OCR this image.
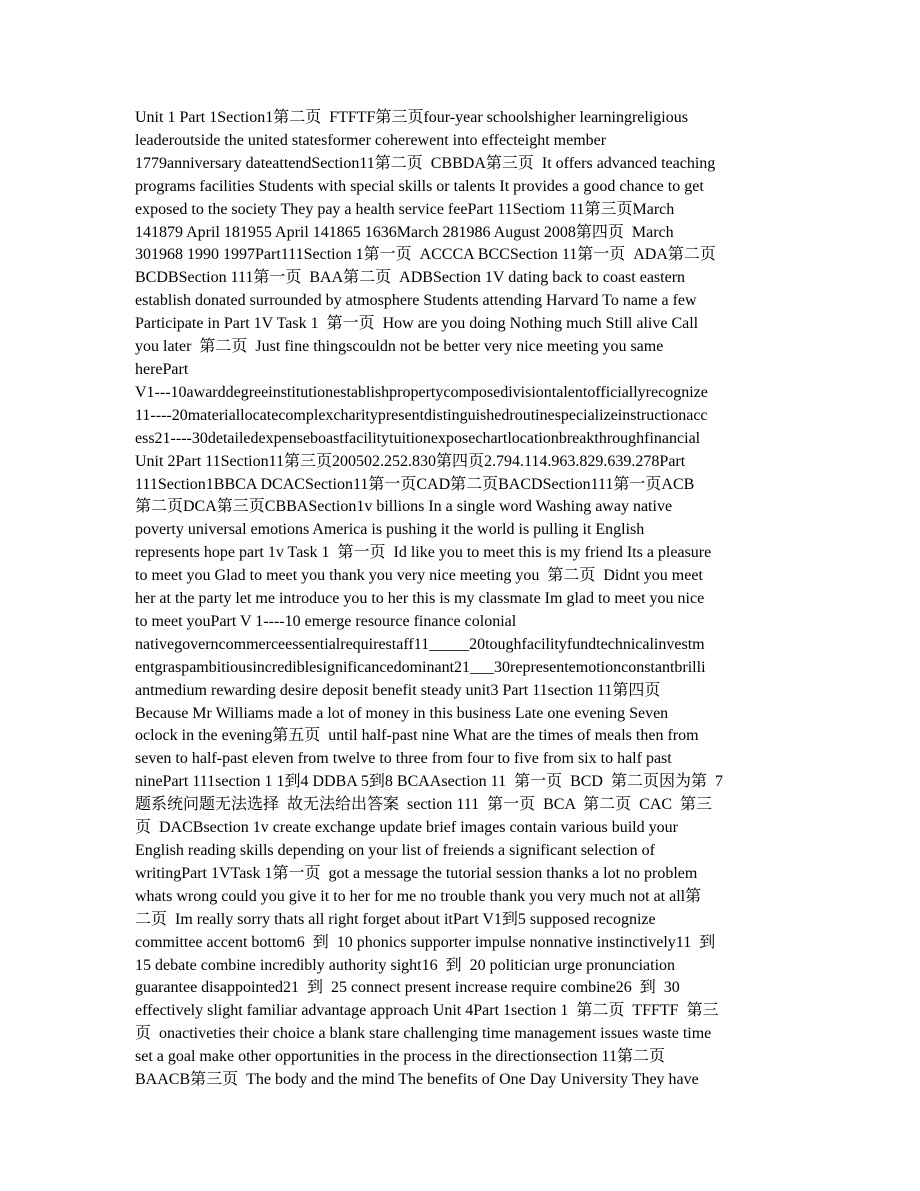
Unit 1 Part 1Section1第二页  FTFTF第三页four-year schoolshigher learningreligious
leaderoutside the united statesformer coherewent into effecteight member
1779anniversary dateattendSection11第二页  CBBDA第三页  It offers advanced teaching
programs facilities Students with special skills or talents It provides a good chance to get
exposed to the society They pay a health service feePart 11Sectiom 11第三页March
141879 April 181955 April 141865 1636March 281986 August 2008第四页  March
301968 1990 1997Part111Section 1第一页  ACCCA BCCSection 11第一页  ADA第二页
BCDBSection 111第一页  BAA第二页  ADBSection 1V dating back to coast eastern
establish donated surrounded by atmosphere Students attending Harvard To name a few
Participate in Part 1V Task 1  第一页  How are you doing Nothing much Still alive Call
you later  第二页  Just fine thingscouldn not be better very nice meeting you same
herePart
V1---10awarddegreeinstitutionestablishpropertycomposedivisiontalentofficiallyrecognize
11----20materiallocatecomplexcharitypresentdistinguishedroutinespecializeinstructionacc
ess21----30detailedexpenseboastfacilitytuitionexposechartlocationbreakthroughfinancial
Unit 2Part 11Section11第三页200502.252.830第四页2.794.114.963.829.639.278Part
111Section1BBCA DCACSection11第一页CAD第二页BACDSection111第一页ACB
第二页DCA第三页CBBASection1v billions In a single word Washing away native
poverty universal emotions America is pushing it the world is pulling it English
represents hope part 1v Task 1  第一页  Id like you to meet this is my friend Its a pleasure
to meet you Glad to meet you thank you very nice meeting you  第二页  Didnt you meet
her at the party let me introduce you to her this is my classmate Im glad to meet you nice
to meet youPart V 1----10 emerge resource finance colonial
nativegoverncommerceessentialrequirestaff11_____20toughfacilityfundtechnicalinvestm
entgraspambitiousincrediblesignificancedominant21___30representemotionconstantbrilli
antmedium rewarding desire deposit benefit steady unit3 Part 11section 11第四页
Because Mr Williams made a lot of money in this business Late one evening Seven
oclock in the evening第五页  until half-past nine What are the times of meals then from
seven to half-past eleven from twelve to three from four to five from six to half past
ninePart 111section 1 1到4 DDBA 5到8 BCAAsection 11  第一页  BCD  第二页因为第  7
题系统问题无法选择  故无法给出答案  section 111  第一页  BCA  第二页  CAC  第三
页  DACBsection 1v create exchange update brief images contain various build your
English reading skills depending on your list of freiends a significant selection of
writingPart 1VTask 1第一页  got a message the tutorial session thanks a lot no problem
whats wrong could you give it to her for me no trouble thank you very much not at all第
二页  Im really sorry thats all right forget about itPart V1到5 supposed recognize
committee accent bottom6  到  10 phonics supporter impulse nonnative instinctively11  到
15 debate combine incredibly authority sight16  到  20 politician urge pronunciation
guarantee disappointed21  到  25 connect present increase require combine26  到  30
effectively slight familiar advantage approach Unit 4Part 1section 1  第二页  TFFTF  第三
页  onactiveties their choice a blank stare challenging time management issues waste time
set a goal make other opportunities in the process in the directionsection 11第二页
BAACB第三页  The body and the mind The benefits of One Day University They have
